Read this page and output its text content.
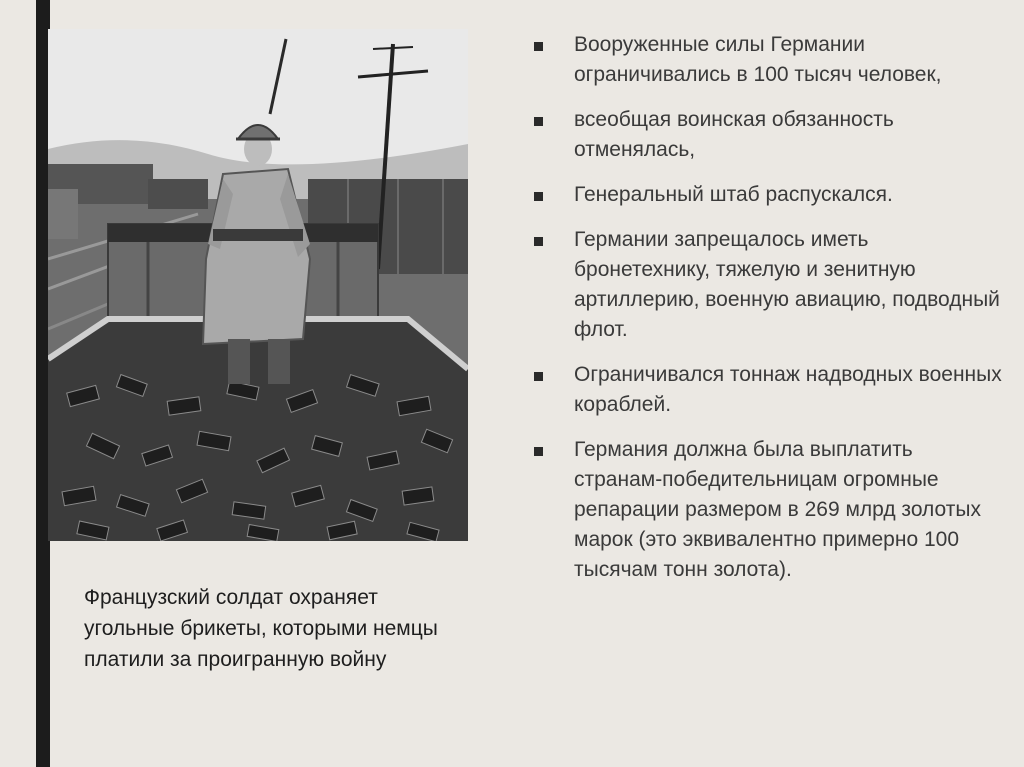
Французский солдат охраняет угольные брикеты, которыми немцы платили за проигранную войну
Вооруженные силы Германии ограничивались в 100 тысяч человек,
всеобщая воинская обязанность отменялась,
Генеральный штаб распускался.
Германии запрещалось иметь бронетехнику, тяжелую и зенитную артиллерию, военную авиацию, подводный флот.
Ограничивался тоннаж надводных военных кораблей.
Германия должна была выплатить странам-победительницам огромные репарации размером в 269 млрд золотых марок (это эквивалентно примерно 100 тысячам тонн золота).
